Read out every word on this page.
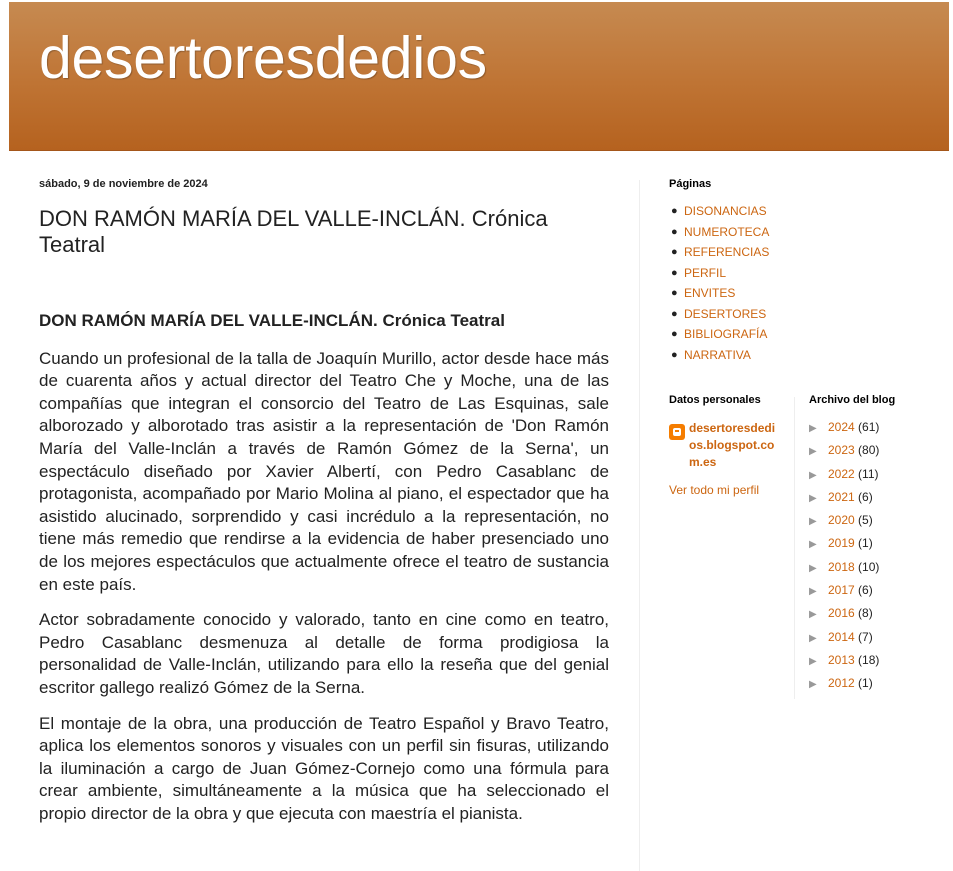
desertoresdedios
sábado, 9 de noviembre de 2024
DON RAMÓN MARÍA DEL VALLE-INCLÁN. Crónica Teatral
DON RAMÓN MARÍA DEL VALLE-INCLÁN. Crónica Teatral

Cuando un profesional de la talla de Joaquín Murillo, actor desde hace más de cuarenta años y actual director del Teatro Che y Moche, una de las compañías que integran el consorcio del Teatro de Las Esquinas, sale alborozado y alborotado tras asistir a la representación de 'Don Ramón María del Valle-Inclán a través de Ramón Gómez de la Serna', un espectáculo diseñado por Xavier Albertí, con Pedro Casablanc de protagonista, acompañado por Mario Molina al piano, el espectador que ha asistido alucinado, sorprendido y casi incrédulo a la representación, no tiene más remedio que rendirse a la evidencia de haber presenciado uno de los mejores espectáculos que actualmente ofrece el teatro de sustancia en este país.

Actor sobradamente conocido y valorado, tanto en cine como en teatro, Pedro Casablanc desmenuza al detalle de forma prodigiosa la personalidad de Valle-Inclán, utilizando para ello la reseña que del genial escritor gallego realizó Gómez de la Serna.

El montaje de la obra, una producción de Teatro Español y Bravo Teatro, aplica los elementos sonoros y visuales con un perfil sin fisuras, utilizando la iluminación a cargo de Juan Gómez-Cornejo como una fórmula para crear ambiente, simultáneamente a la música que ha seleccionado el propio director de la obra y que ejecuta con maestría el pianista.

Páginas
● DISONANCIAS
● NUMEROTECA
● REFERENCIAS
● PERFIL
● ENVITES
● DESERTORES
● BIBLIOGRAFÍA
● NARRATIVA
Datos personales
desertoresdedios.blogspot.com.es
Ver todo mi perfil
Archivo del blog
▶ 2024 (61)
▶ 2023 (80)
▶ 2022 (11)
▶ 2021 (6)
▶ 2020 (5)
▶ 2019 (1)
▶ 2018 (10)
▶ 2017 (6)
▶ 2016 (8)
▶ 2014 (7)
▶ 2013 (18)
▶ 2012 (1)
